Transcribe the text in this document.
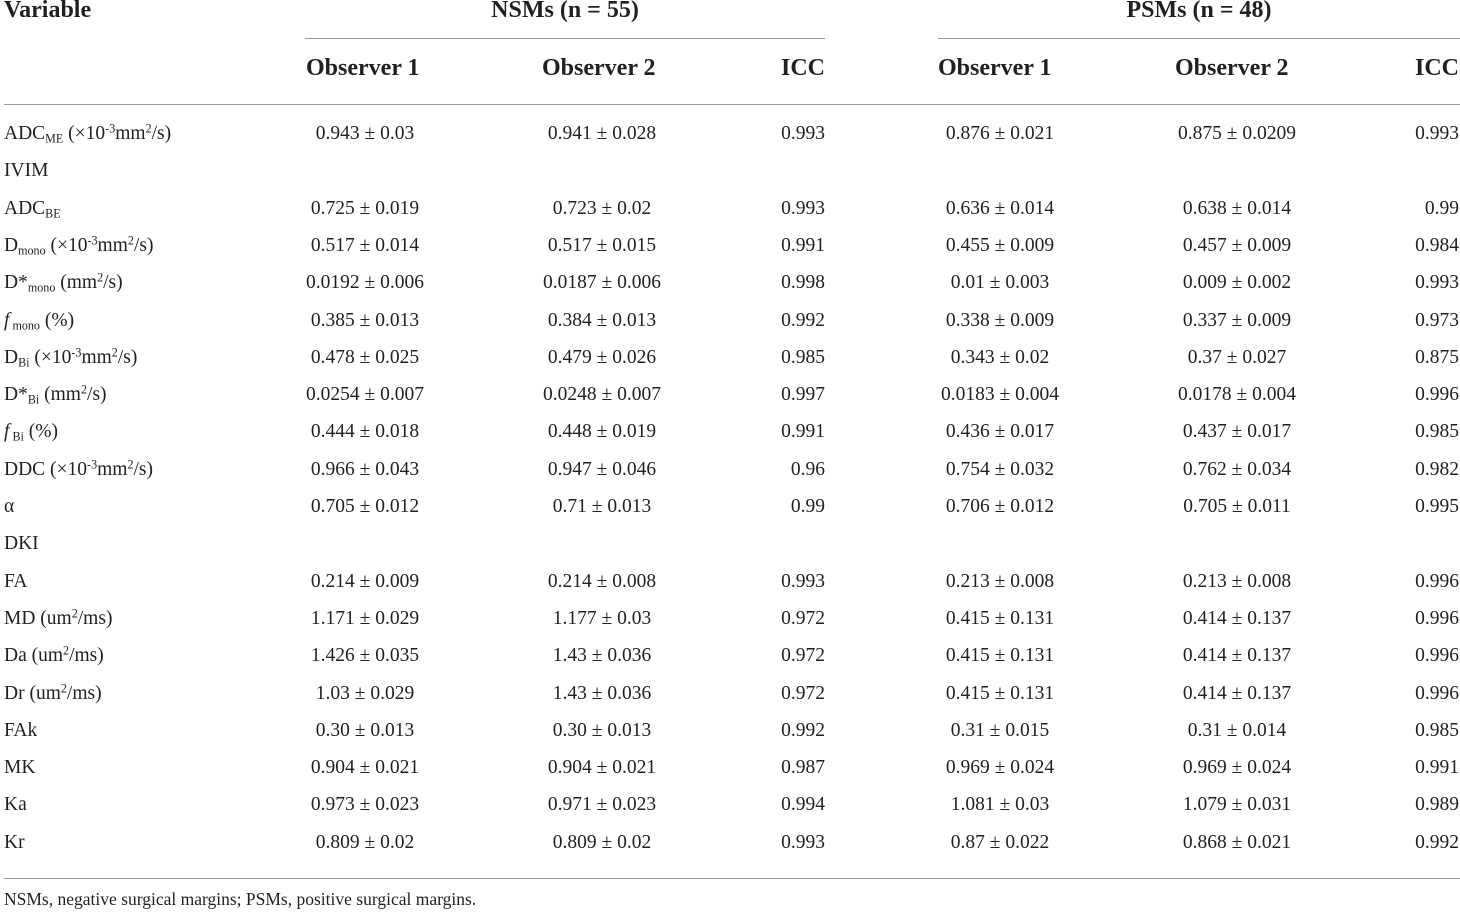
Variable	NSMs (n = 55)	PSMs (n = 48)
Observer 1	Observer 2	ICC	Observer 1	Observer 2	ICC
$ADC_{ME}$ $(\times 10^{-3}mm^2/s)$	0.943 ± 0.03	0.941 ± 0.028	0.993	0.876 ± 0.021	0.875 ± 0.0209	0.993
IVIM
$ADC_{BE}$	0.725 ± 0.019	0.723 ± 0.02	0.993	0.636 ± 0.014	0.638 ± 0.014	0.99
$D_{mono}$ $(\times 10^{-3}mm^2/s)$	0.517 ± 0.014	0.517 ± 0.015	0.991	0.455 ± 0.009	0.457 ± 0.009	0.984
$D*_{mono}$ $(mm^2/s)$	0.0192 ± 0.006	0.0187 ± 0.006	0.998	0.01 ± 0.003	0.009 ± 0.002	0.993
f $_{mono}$ (%)	0.385 ± 0.013	0.384 ± 0.013	0.992	0.338 ± 0.009	0.337 ± 0.009	0.973
$D_{Bi}$ $(\times 10^{-3}mm^2/s)$	0.478 ± 0.025	0.479 ± 0.026	0.985	0.343 ± 0.02	0.37 ± 0.027	0.875
$D*_{Bi}$ $(mm^2/s)$	0.0254 ± 0.007	0.0248 ± 0.007	0.997	0.0183 ± 0.004	0.0178 ± 0.004	0.996
f $_{Bi}$ (%)	0.444 ± 0.018	0.448 ± 0.019	0.991	0.436 ± 0.017	0.437 ± 0.017	0.985
DDC $(\times 10^{-3}mm^2/s)$	0.966 ± 0.043	0.947 ± 0.046	0.96	0.754 ± 0.032	0.762 ± 0.034	0.982
α	0.705 ± 0.012	0.71 ± 0.013	0.99	0.706 ± 0.012	0.705 ± 0.011	0.995
DKI
FA	0.214 ± 0.009	0.214 ± 0.008	0.993	0.213 ± 0.008	0.213 ± 0.008	0.996
MD $(um^2/ms)$	1.171 ± 0.029	1.177 ± 0.03	0.972	0.415 ± 0.131	0.414 ± 0.137	0.996
Da $(um^2/ms)$	1.426 ± 0.035	1.43 ± 0.036	0.972	0.415 ± 0.131	0.414 ± 0.137	0.996
Dr $(um^2/ms)$	1.03 ± 0.029	1.43 ± 0.036	0.972	0.415 ± 0.131	0.414 ± 0.137	0.996
FAk	0.30 ± 0.013	0.30 ± 0.013	0.992	0.31 ± 0.015	0.31 ± 0.014	0.985
MK	0.904 ± 0.021	0.904 ± 0.021	0.987	0.969 ± 0.024	0.969 ± 0.024	0.991
Ka	0.973 ± 0.023	0.971 ± 0.023	0.994	1.081 ± 0.03	1.079 ± 0.031	0.989
Kr	0.809 ± 0.02	0.809 ± 0.02	0.993	0.87 ± 0.022	0.868 ± 0.021	0.992
NSMs, negative surgical margins; PSMs, positive surgical margins.
